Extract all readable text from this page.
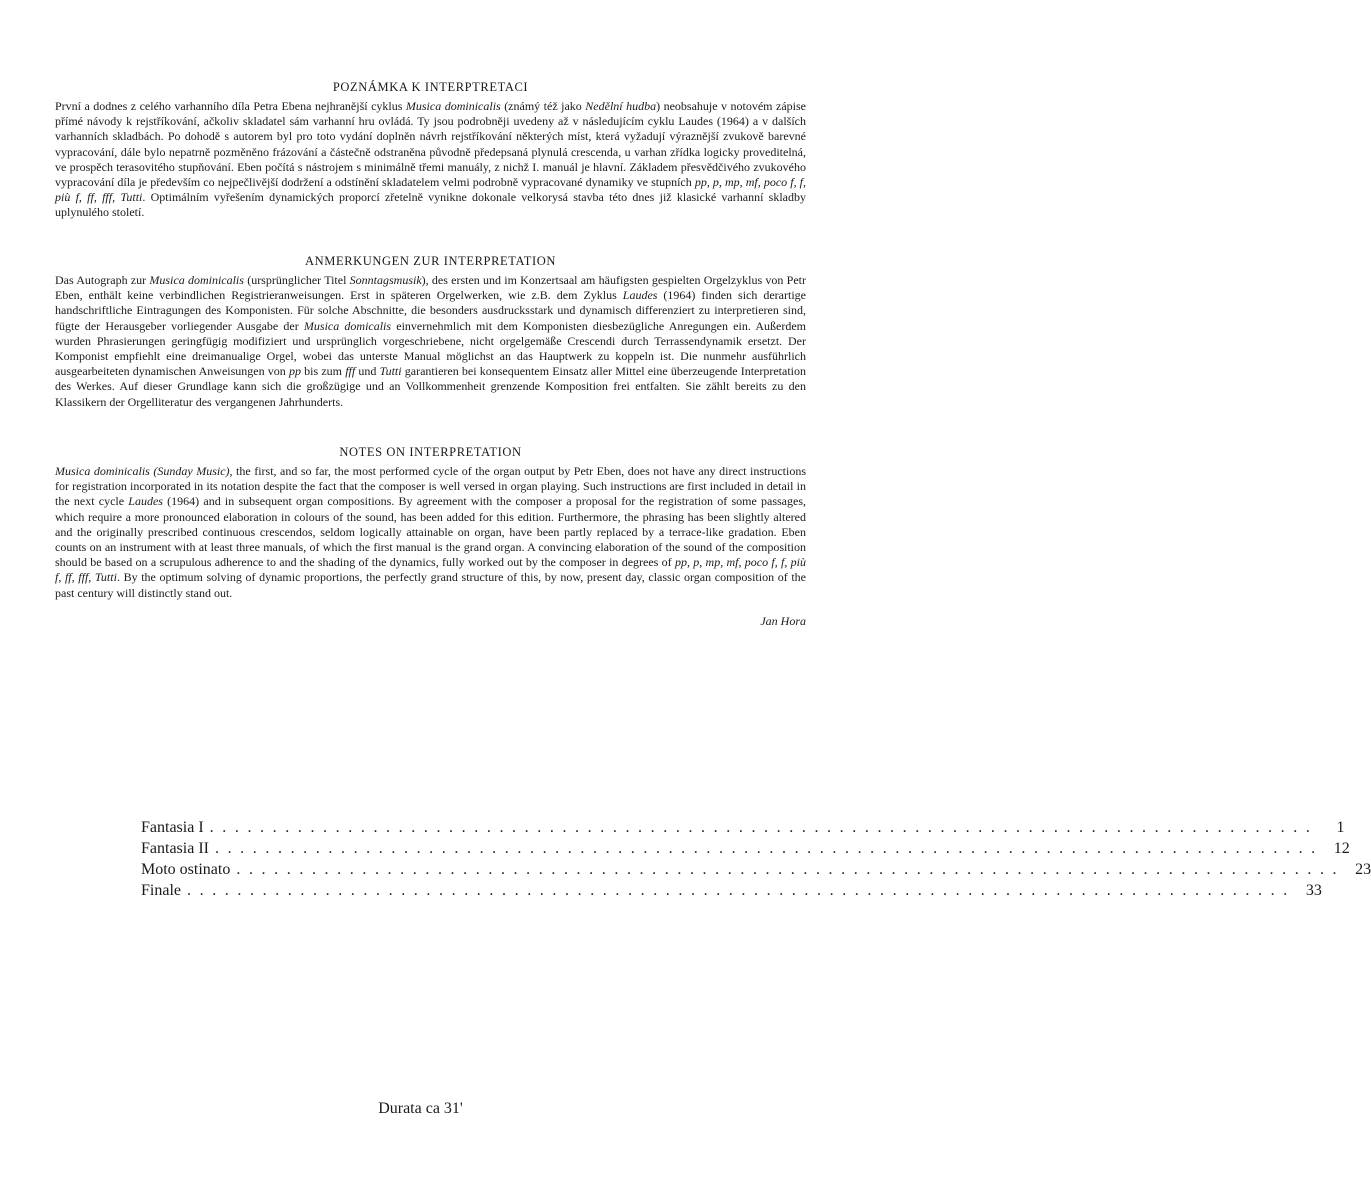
POZNÁMKA K INTERPTRETACI

První a dodnes z celého varhanního díla Petra Ebena nejhranější cyklus Musica dominicalis (známý též jako Nedělní hudba) neobsahuje v notovém zápise přímé návody k rejstříkování, ačkoliv skladatel sám varhanní hru ovládá. Ty jsou podrobněji uvedeny až v následujícím cyklu Laudes (1964) a v dalších varhanních skladbách. Po dohodě s autorem byl pro toto vydání doplněn návrh rejstříkování některých míst, která vyžadují výraznější zvukově barevné vypracování, dále bylo nepatrně pozměněno frázování a částečně odstraněna původně předepsaná plynulá crescenda, u varhan zřídka logicky proveditelná, ve prospěch terasovitého stupňování. Eben počítá s nástrojem s minimálně třemi manuály, z nichž I. manuál je hlavní. Základem přesvědčivého zvukového vypracování díla je především co nejpečlivější dodržení a odstínění skladatelem velmi podrobně vypracované dynamiky ve stupních pp, p, mp, mf, poco f, f, più f, ff, fff, Tutti. Optimálním vyřešením dynamických proporcí zřetelně vynikne dokonale velkorysá stavba této dnes již klasické varhanní skladby uplynulého století.

ANMERKUNGEN ZUR INTERPRETATION

Das Autograph zur Musica dominicalis (ursprünglicher Titel Sonntagsmusik), des ersten und im Konzertsaal am häufigsten gespielten Orgelzyklus von Petr Eben, enthält keine verbindlichen Registrieranweisungen. Erst in späteren Orgelwerken, wie z.B. dem Zyklus Laudes (1964) finden sich derartige handschriftliche Eintragungen des Komponisten. Für solche Abschnitte, die besonders ausdrucksstark und dynamisch differenziert zu interpretieren sind, fügte der Herausgeber vorliegender Ausgabe der Musica domicalis einvernehmlich mit dem Komponisten diesbezügliche Anregungen ein. Außerdem wurden Phrasierungen geringfügig modifiziert und ursprünglich vorgeschriebene, nicht orgelgemäße Crescendi durch Terrassendynamik ersetzt. Der Komponist empfiehlt eine dreimanualige Orgel, wobei das unterste Manual möglichst an das Hauptwerk zu koppeln ist. Die nunmehr ausführlich ausgearbeiteten dynamischen Anweisungen von pp bis zum fff und Tutti garantieren bei konsequentem Einsatz aller Mittel eine überzeugende Interpretation des Werkes. Auf dieser Grundlage kann sich die großzügige und an Vollkommenheit grenzende Komposition frei entfalten. Sie zählt bereits zu den Klassikern der Orgelliteratur des vergangenen Jahrhunderts.

NOTES ON INTERPRETATION

Musica dominicalis (Sunday Music), the first, and so far, the most performed cycle of the organ output by Petr Eben, does not have any direct instructions for registration incorporated in its notation despite the fact that the composer is well versed in organ playing. Such instructions are first included in detail in the next cycle Laudes (1964) and in subsequent organ compositions. By agreement with the composer a proposal for the registration of some passages, which require a more pronounced elaboration in colours of the sound, has been added for this edition. Furthermore, the phrasing has been slightly altered and the originally prescribed continuous crescendos, seldom logically attainable on organ, have been partly replaced by a terrace-like gradation. Eben counts on an instrument with at least three manuals, of which the first manual is the grand organ. A convincing elaboration of the sound of the composition should be based on a scrupulous adherence to and the shading of the dynamics, fully worked out by the composer in degrees of pp, p, mp, mf, poco f, f, più f, ff, fff, Tutti. By the optimum solving of dynamic proportions, the perfectly grand structure of this, by now, present day, classic organ composition of the past century will distinctly stand out.

Jan Hora
Fantasia I ........................................................................................	1
Fantasia II ........................................................................................ 12
Moto ostinato ........................................................................................ 23
Finale ........................................................................................ 33
Durata ca 31'
